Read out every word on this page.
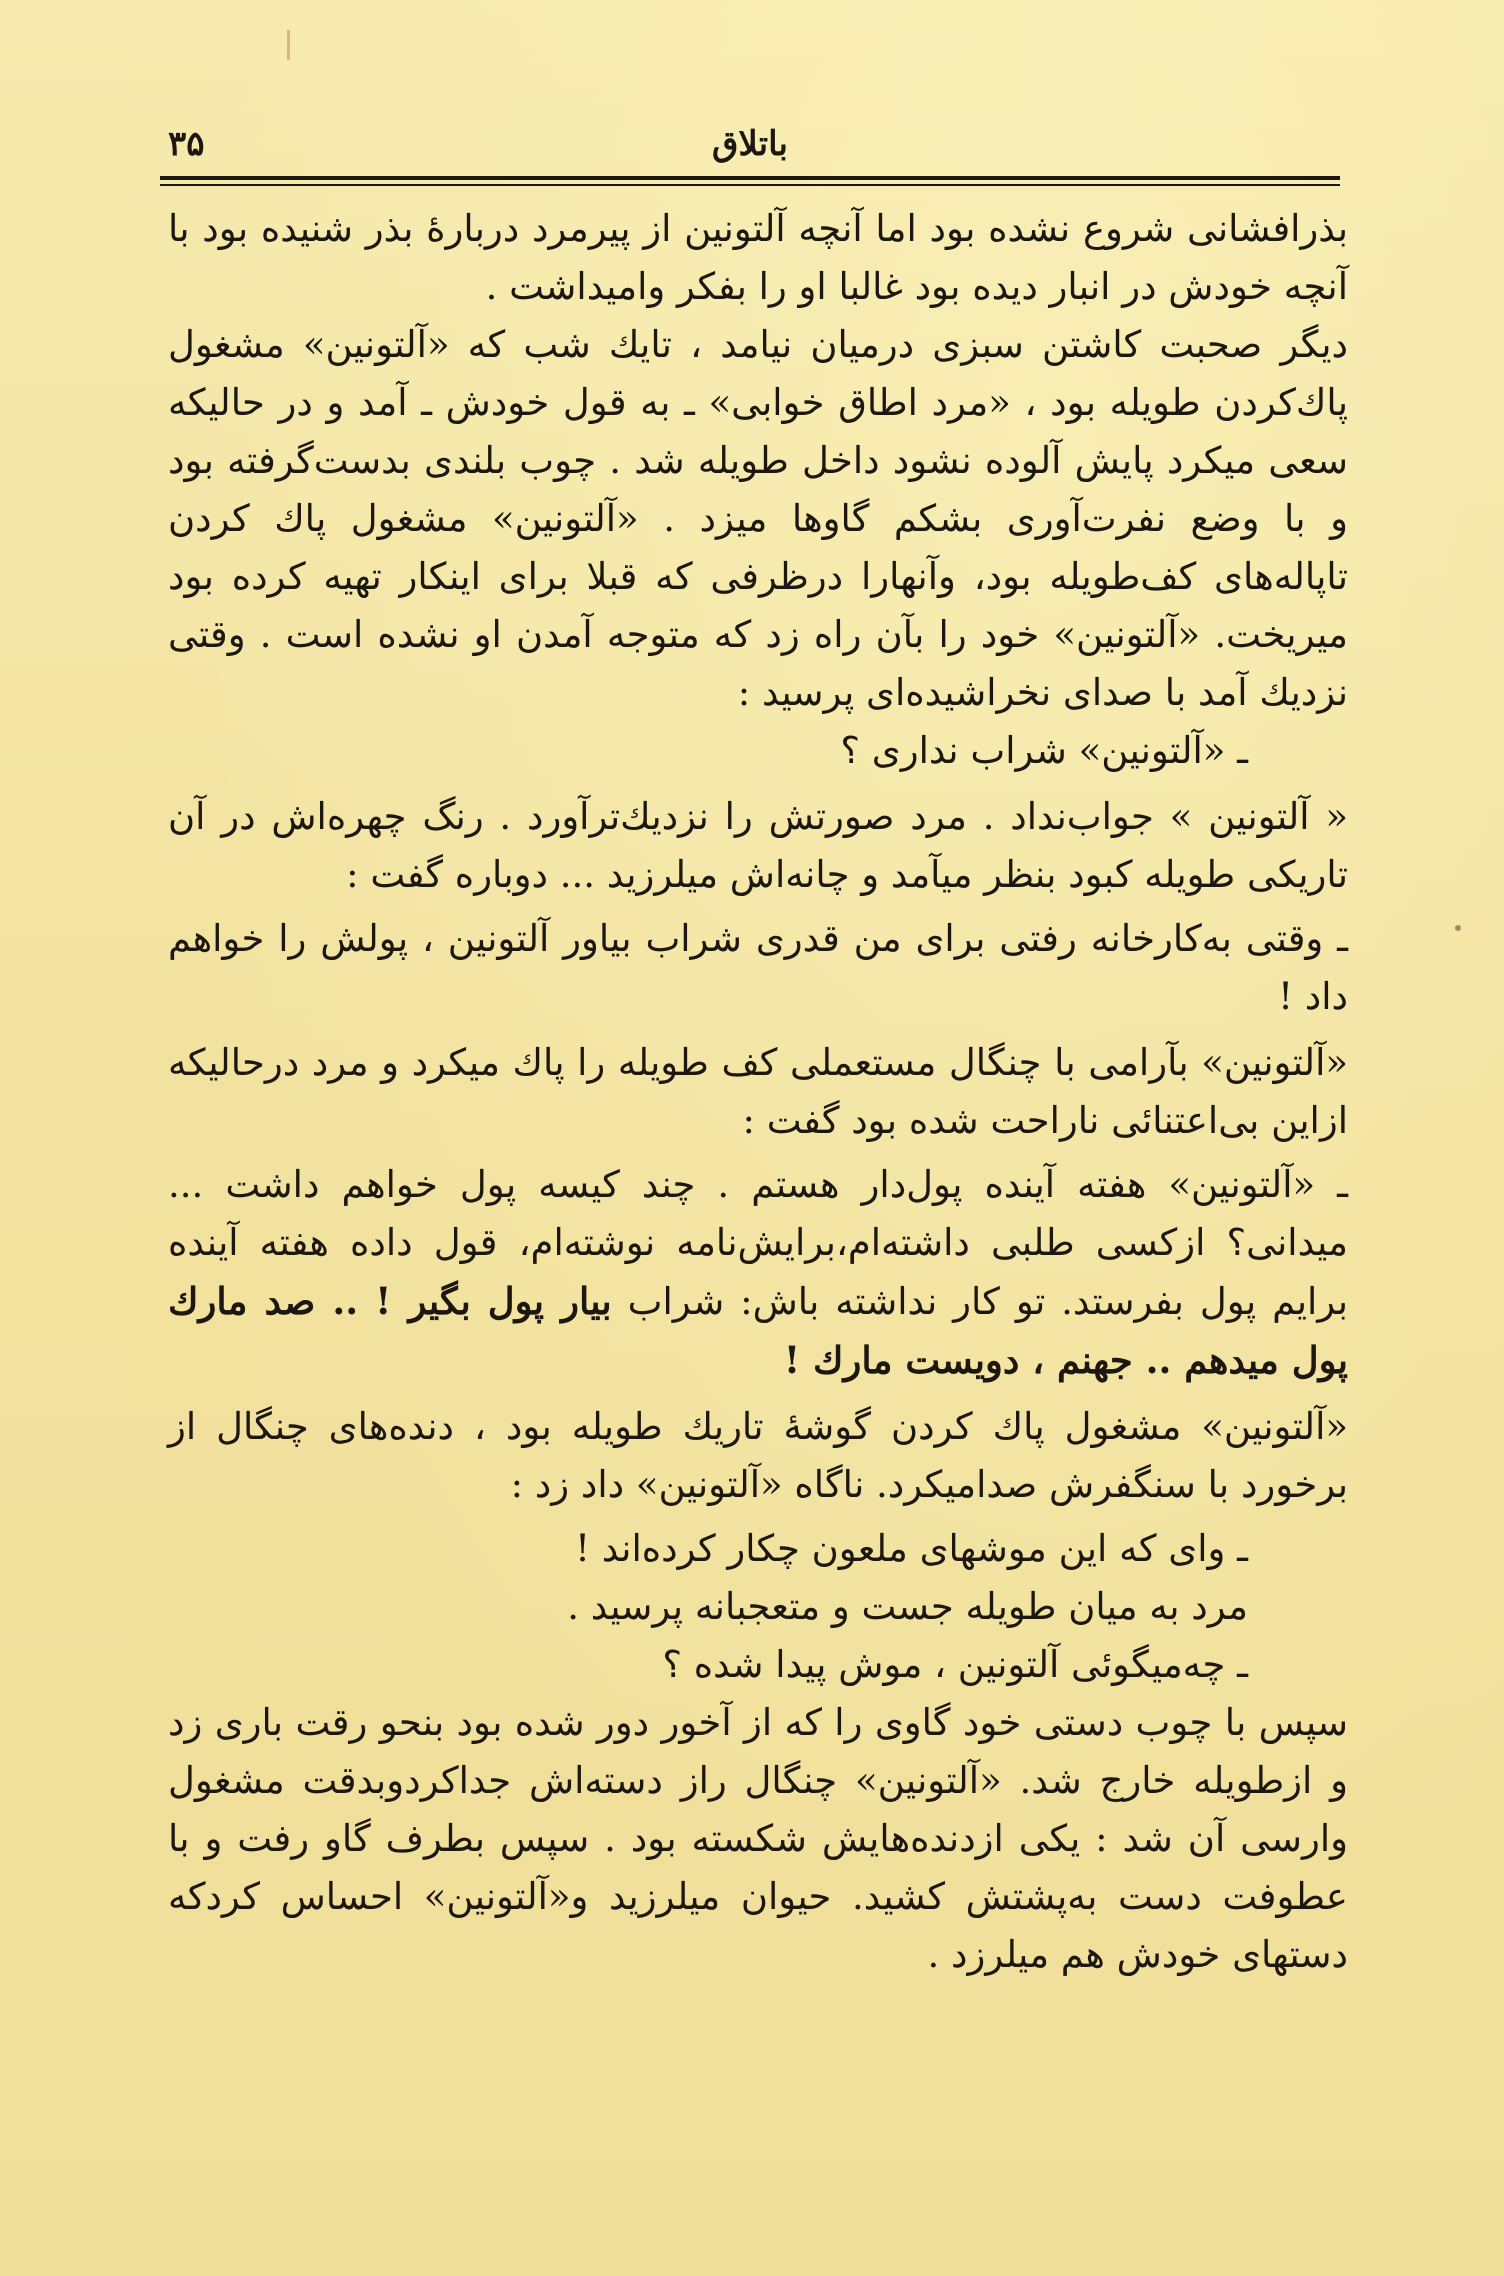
باتلاق
۳۵

بذرافشانی شروع نشده بود اما آنچه آلتونین از پیرمرد دربارهٔ بذر شنیده بود با آنچه خودش در انبار دیده بود غالبا او را بفکر وامیداشت .

دیگر صحبت کاشتن سبزی درمیان نیامد ، تایك شب که «آلتونین» مشغول پاك‌کردن طویله بود ، «مرد اطاق خوابی» ـ به قول خودش ـ آمد و در حالیکه سعی میکرد پایش آلوده نشود داخل طویله شد . چوب بلندی بدست‌گرفته بود و با وضع نفرت‌آوری بشکم گاوها میزد . «آلتونین» مشغول پاك کردن تاپاله‌های کف‌طویله بود، وآنهارا درظرفی که قبلا برای اینکار تهیه کرده بود میریخت. «آلتونین» خود را بآن راه زد که متوجه آمدن او نشده است . وقتی نزدیك آمد با صدای نخراشیده‌ای پرسید :

ـ «آلتونین» شراب نداری ؟

« آلتونین » جواب‌نداد . مرد صورتش را نزدیك‌ترآورد . رنگ چهره‌اش در آن تاریکی طویله کبود بنظر میآمد و چانه‌اش میلرزید ... دوباره گفت :

ـ وقتی به‌کارخانه رفتی برای من قدری شراب بیاور آلتونین ، پولش را خواهم داد !

«آلتونین» بآرامی با چنگال مستعملی کف طویله را پاك میکرد و مرد درحالیکه ازاین بی‌اعتنائی ناراحت شده بود گفت :

ـ «آلتونین» هفته آینده پول‌دار هستم . چند کیسه پول خواهم داشت ... میدانی؟ ازکسی طلبی داشته‌ام،برایش‌نامه نوشته‌ام، قول داده هفته آینده برایم پول بفرستد. تو کار نداشته باش: شراب بیار پول بگیر ! .. صد مارك پول میدهم .. جهنم ، دویست مارك !

«آلتونین» مشغول پاك کردن گوشهٔ تاریك طویله بود ، دنده‌های چنگال از برخورد با سنگفرش صدامیکرد. ناگاه «آلتونین» داد زد :

ـ وای که این موشهای ملعون چکار کرده‌اند !

مرد به میان طویله جست و متعجبانه پرسید .

ـ چه‌میگوئی آلتونین ، موش پیدا شده ؟

سپس با چوب دستی خود گاوی را که از آخور دور شده بود بنحو رقت باری زد و ازطویله خارج شد. «آلتونین» چنگال راز دسته‌اش جداکردوبدقت مشغول وارسی آن شد : یکی ازدنده‌هایش شکسته بود . سپس بطرف گاو رفت و با عطوفت دست به‌پشتش کشید. حیوان میلرزید و«آلتونین» احساس کردکه دستهای خودش هم میلرزد .
